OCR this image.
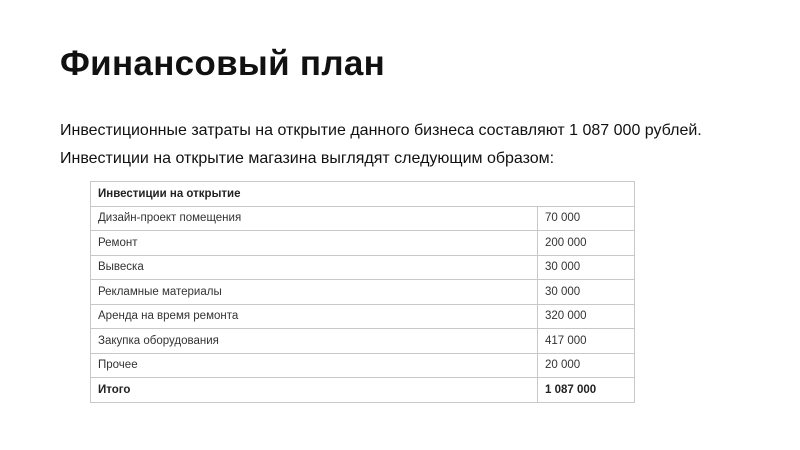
Финансовый план

Инвестиционные затраты на открытие данного бизнеса составляют 1 087 000 рублей.

Инвестиции на открытие магазина выглядят следующим образом:

Инвестиции на открытие	
Дизайн-проект помещения	70 000
Ремонт	200 000
Вывеска	30 000
Рекламные материалы	30 000
Аренда на время ремонта	320 000
Закупка оборудования	417 000
Прочее	20 000
Итого	1 087 000
